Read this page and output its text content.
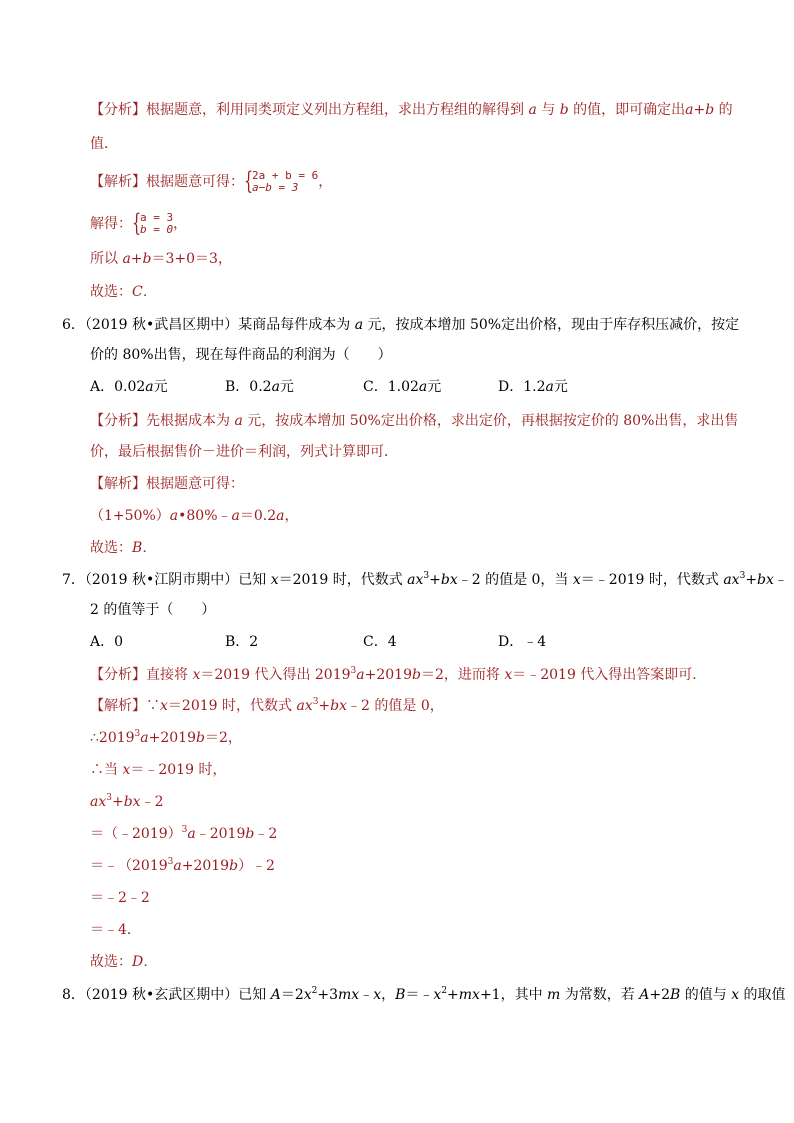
【分析】根据题意，利用同类项定义列出方程组，求出方程组的解得到 a 与 b 的值，即可确定出a+b 的
值．
【解析】根据题意可得： {
2a + b = 6
a−b = 3	，
解得： {
a = 3
b = 0 ，
所以 a+b＝3+0＝3，
故选：C．
6．（2019 秋•武昌区期中）某商品每件成本为 a 元，按成本增加 50%定出价格，现由于库存积压减价，按定
价的 80%出售，现在每件商品的利润为（　　）
A．0.02a元	B．0.2a元	C．1.02a元	D．1.2a元
【分析】先根据成本为 a 元，按成本增加 50%定出价格，求出定价，再根据按定价的 80%出售，求出售
价，最后根据售价－进价＝利润，列式计算即可．
【解析】根据题意可得：
（1+50%）a•80%﹣a＝0.2a，
故选：B．
7．（2019 秋•江阴市期中）已知 x＝2019 时，代数式 $ax^3+bx﹣2$ 的值是 0，当 x＝﹣2019 时，代数式 $ax^3+bx﹣$
2 的值等于（　　）
A．0	B．2	C．4	D．﹣4
【分析】直接将 x＝2019 代入得出 $2019^3a+2019b=2$，进而将 x＝﹣2019 代入得出答案即可．
【解析】∵x＝2019 时，代数式 $ax^3+bx﹣2$ 的值是 0，
$\therefore 2019^3a+2019b=2$，
∴当 x＝﹣2019 时，
$ax^3+bx﹣2$
＝（﹣2019）$^3$a﹣2019b﹣2
$=﹣(2019^3a+2019b)﹣2$
＝﹣2﹣2
＝﹣4．
故选：D．
8．（2019 秋•玄武区期中）已知 $A=2x^2+3mx﹣x$，$B=﹣x^2+mx+1$，其中 m 为常数，若 A+2B 的值与 x 的取值
